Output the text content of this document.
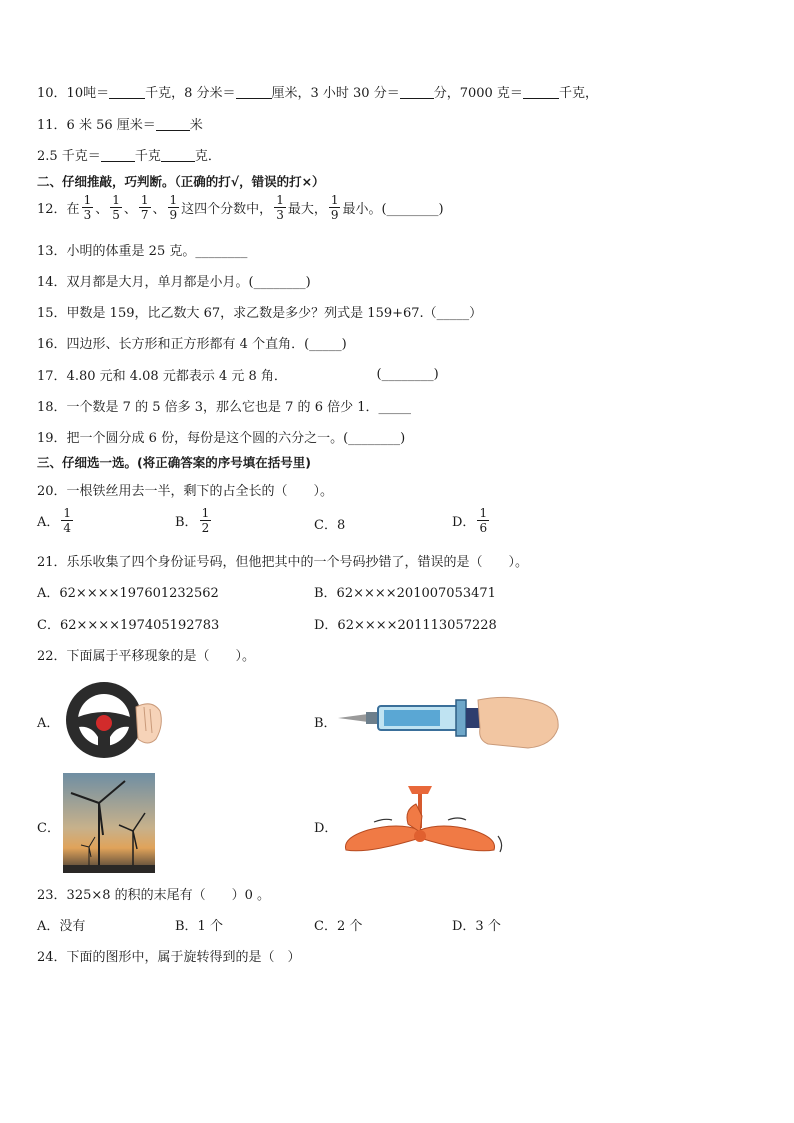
10． 10吨＝	千克，8 分米＝	厘米，3 小时 30 分＝	分，7000 克＝	千克，
11． 6 米 56 厘米＝	米
2.5 千克＝	千克	克．
二、仔细推敲，巧判断。（正确的打√，错误的打×）
12． 在 $\frac{1}{3}$ 、 $\frac{1}{5}$ 、 $\frac{1}{7}$ 、 $\frac{1}{9}$ 这四个分数中， $\frac{1}{3}$ 最大， $\frac{1}{9}$ 最小。(________)
13． 小明的体重是 25 克。________
14． 双月都是大月，单月都是小月。(________)
15． 甲数是 159，比乙数大 67，求乙数是多少？列式是 159+67.（_____）
16． 四边形、长方形和正方形都有 4 个直角．(_____)
17． 4.80 元和 4.08 元都表示 4 元 8 角．	(________)
18． 一个数是 7 的 5 倍多 3，那么它也是 7 的 6 倍少 1．_____
19． 把一个圆分成 6 份，每份是这个圆的六分之一。(________)
三、仔细选一选。(将正确答案的序号填在括号里)
20． 一根铁丝用去一半，剩下的占全长的（　　）。
A． $\frac{1}{4}$	B． $\frac{1}{2}$	C．8	D． $\frac{1}{6}$
21． 乐乐收集了四个身份证号码，但他把其中的一个号码抄错了，错误的是（　　）。
A．62××××197601232562	B．62××××201007053471
C．62××××197405192783	D．62××××201113057228
22． 下面属于平移现象的是（　　）。
A．	B．
C．	D．
23． 325×8 的积的末尾有（　　）0 。
A．没有	B．1 个	C．2 个	D．3 个
24． 下面的图形中，属于旋转得到的是（　）
